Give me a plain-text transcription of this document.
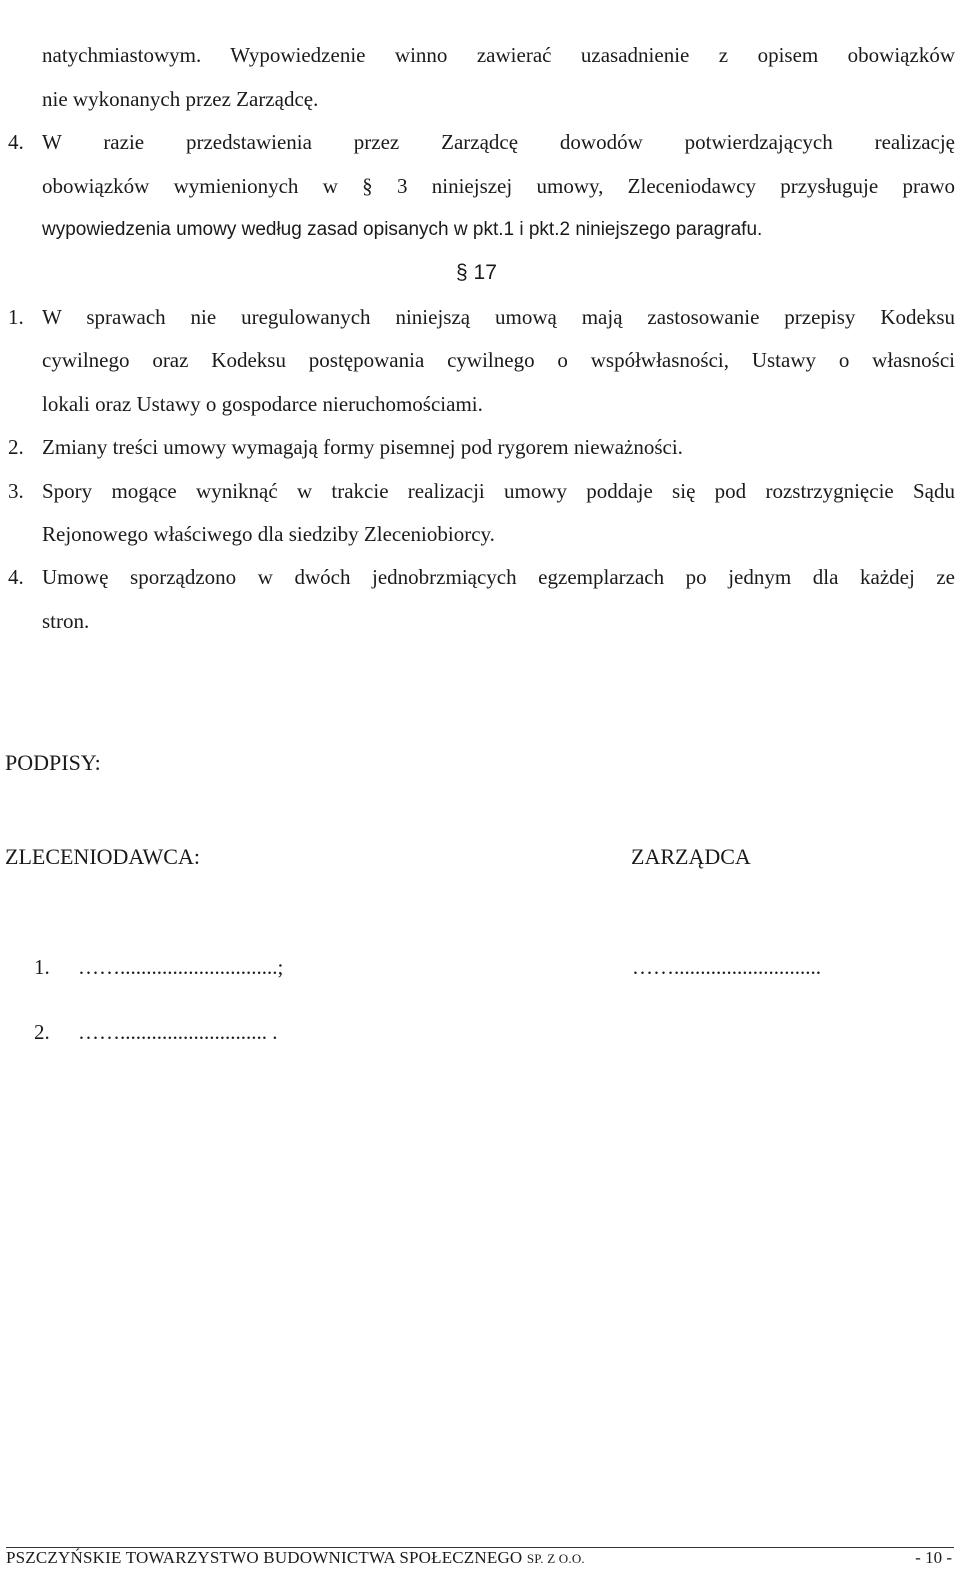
natychmiastowym. Wypowiedzenie winno zawierać uzasadnienie z opisem obowiązków
nie wykonanych przez Zarządcę.
4. W razie przedstawienia przez Zarządcę dowodów potwierdzających realizację
obowiązków wymienionych w § 3 niniejszej umowy, Zleceniodawcy przysługuje prawo
wypowiedzenia umowy według zasad opisanych w pkt.1 i pkt.2 niniejszego paragrafu.
§ 17
1. W sprawach nie uregulowanych niniejszą umową mają zastosowanie przepisy Kodeksu
cywilnego oraz Kodeksu postępowania cywilnego o współwłasności, Ustawy o własności
lokali oraz Ustawy o gospodarce nieruchomościami.
2. Zmiany treści umowy wymagają formy pisemnej pod rygorem nieważności.
3. Spory mogące wyniknąć w trakcie realizacji umowy poddaje się pod rozstrzygnięcie Sądu
Rejonowego właściwego dla siedziby Zleceniobiorcy.
4. Umowę sporządzono w dwóch jednobrzmiących egzemplarzach po jednym dla każdej ze
stron.
PODPISY:
ZLECENIODAWCA:	ZARZĄDCA
1. ……..............................;	……............................
2. ……............................ .
PSZCZYŃSKIE TOWARZYSTWO BUDOWNICTWA SPOŁECZNEGO SP. Z O.O.	- 10 -
